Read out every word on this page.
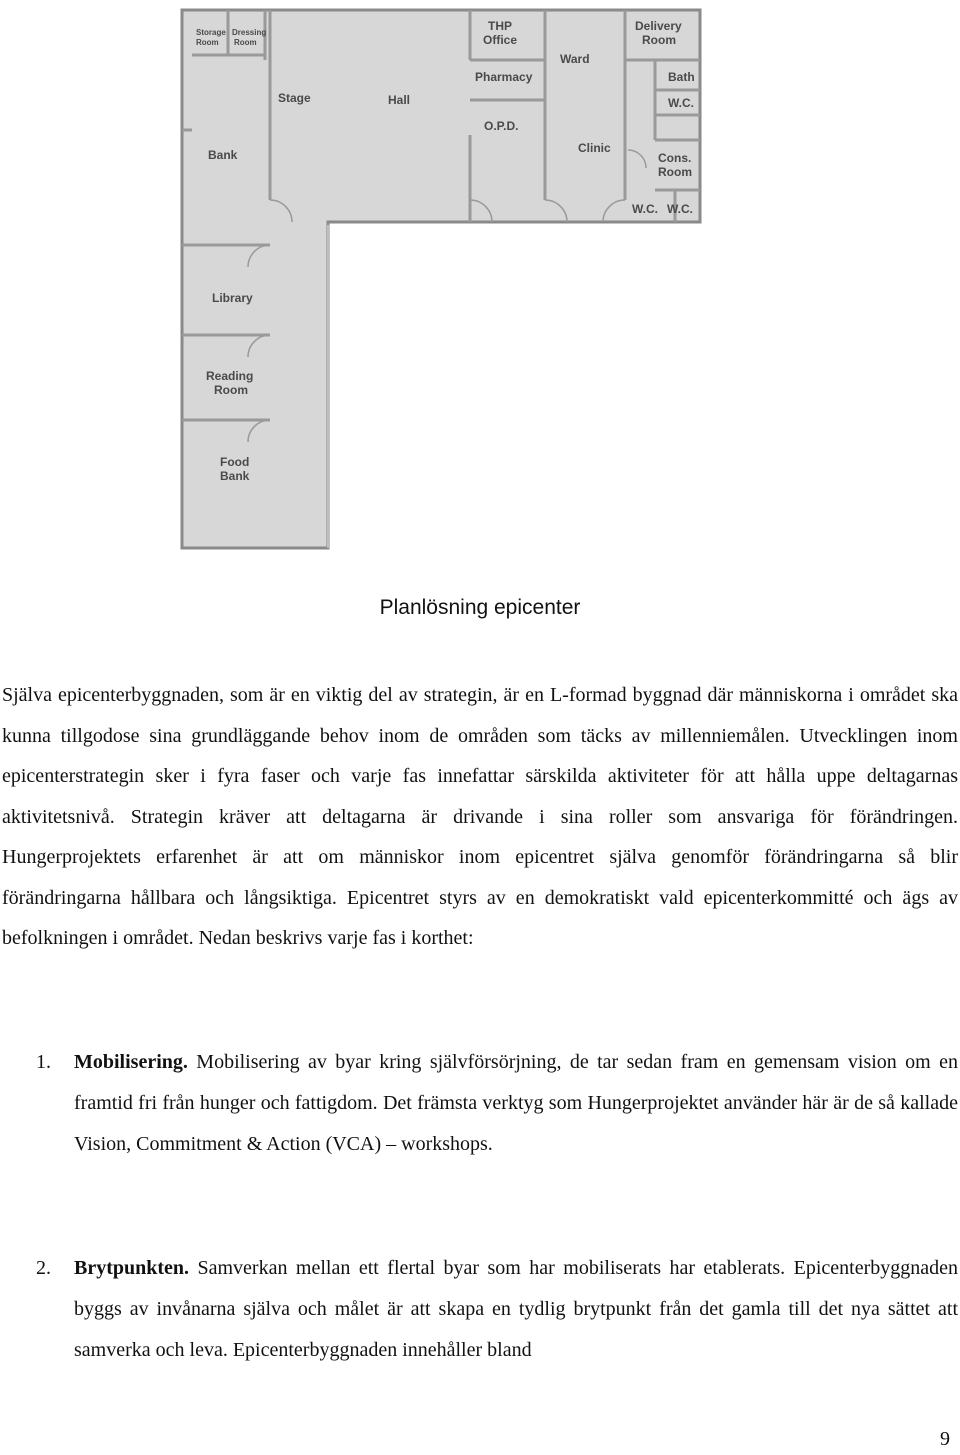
Storage Room
Dressing Room
THP Office
Ward
Delivery Room
Stage	Hall
Pharmacy	Bath
W.C.
O.P.D.
Clinic
Bank	Cons. Room
W.C. W.C.
Library
Reading Room
Food Bank
Planlösning epicenter

Själva epicenterbyggnaden, som är en viktig del av strategin, är en L-formad byggnad där människorna i området ska kunna tillgodose sina grundläggande behov inom de områden som täcks av millenniemålen. Utvecklingen inom epicenterstrategin sker i fyra faser och varje fas innefattar särskilda aktiviteter för att hålla uppe deltagarnas aktivitetsnivå. Strategin kräver att deltagarna är drivande i sina roller som ansvariga för förändringen. Hungerprojektets erfarenhet är att om människor inom epicentret själva genomför förändringarna så blir förändringarna hållbara och långsiktiga. Epicentret styrs av en demokratiskt vald epicenterkommitté och ägs av befolkningen i området. Nedan beskrivs varje fas i korthet:

1. Mobilisering. Mobilisering av byar kring självförsörjning, de tar sedan fram en gemensam vision om en framtid fri från hunger och fattigdom. Det främsta verktyg som Hungerprojektet använder här är de så kallade Vision, Commitment & Action (VCA) – workshops.
2. Brytpunkten. Samverkan mellan ett flertal byar som har mobiliserats har etablerats. Epicenterbyggnaden byggs av invånarna själva och målet är att skapa en tydlig brytpunkt från det gamla till det nya sättet att samverka och leva. Epicenterbyggnaden innehåller bland
9
